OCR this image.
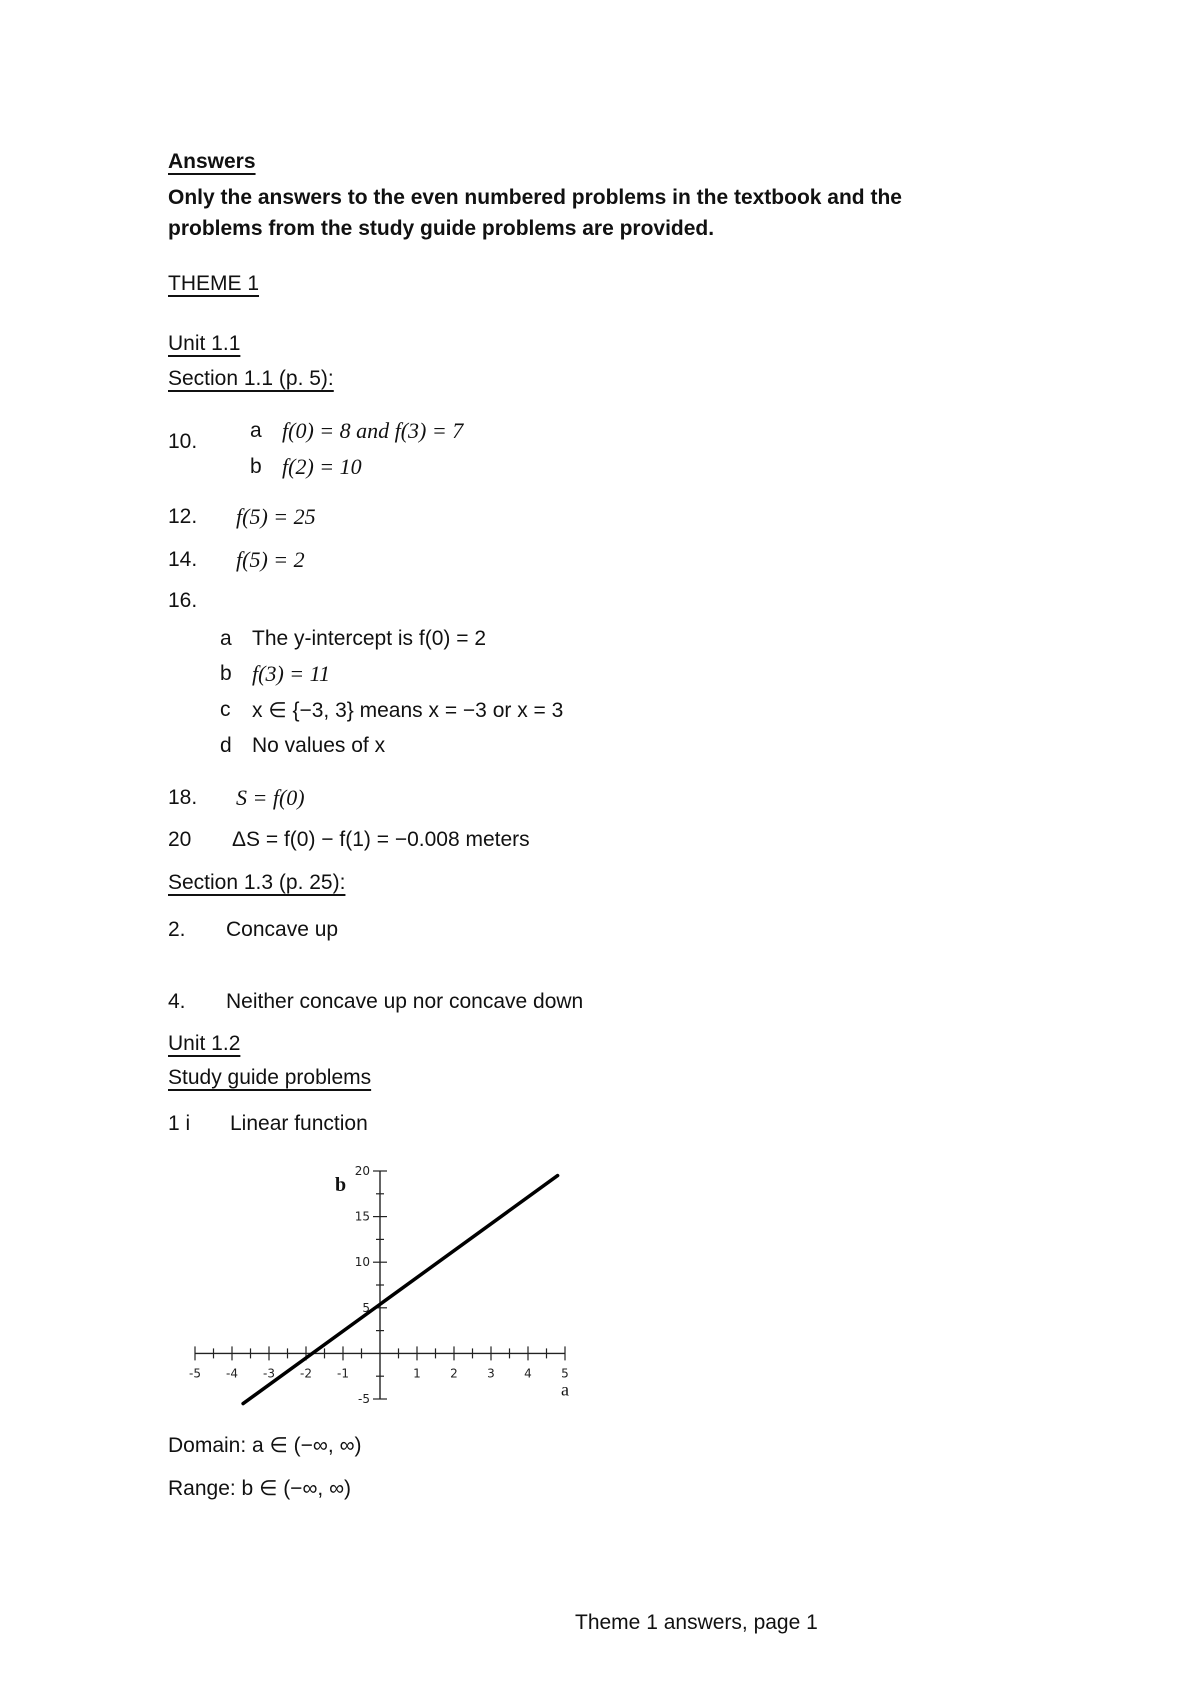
Answers
Only the answers to the even numbered problems in the textbook and the
problems from the study guide problems are provided.
THEME 1
Unit 1.1
Section 1.1 (p. 5):
10.	a f(0) = 8 and f(3) = 7
b f(2) = 10
12. f(5) = 25
14. f(5) = 2
16.
a The y-intercept is f(0) = 2
b f(3) = 11
c x ∈ {−3, 3} means x = −3 or x = 3
d No values of x
18. S = f(0)
20 ΔS = f(0) − f(1) = −0.008 meters
Section 1.3 (p. 25):
2. Concave up
4. Neither concave up nor concave down
Unit 1.2
Study guide problems
1 i Linear function
-5 -4 -3 -2 -1	1 2 3 4 5
20
15
10
5
-5
b
a
Domain: a ∈ (−∞, ∞)
Range: b ∈ (−∞, ∞)
Theme 1 answers, page 1
